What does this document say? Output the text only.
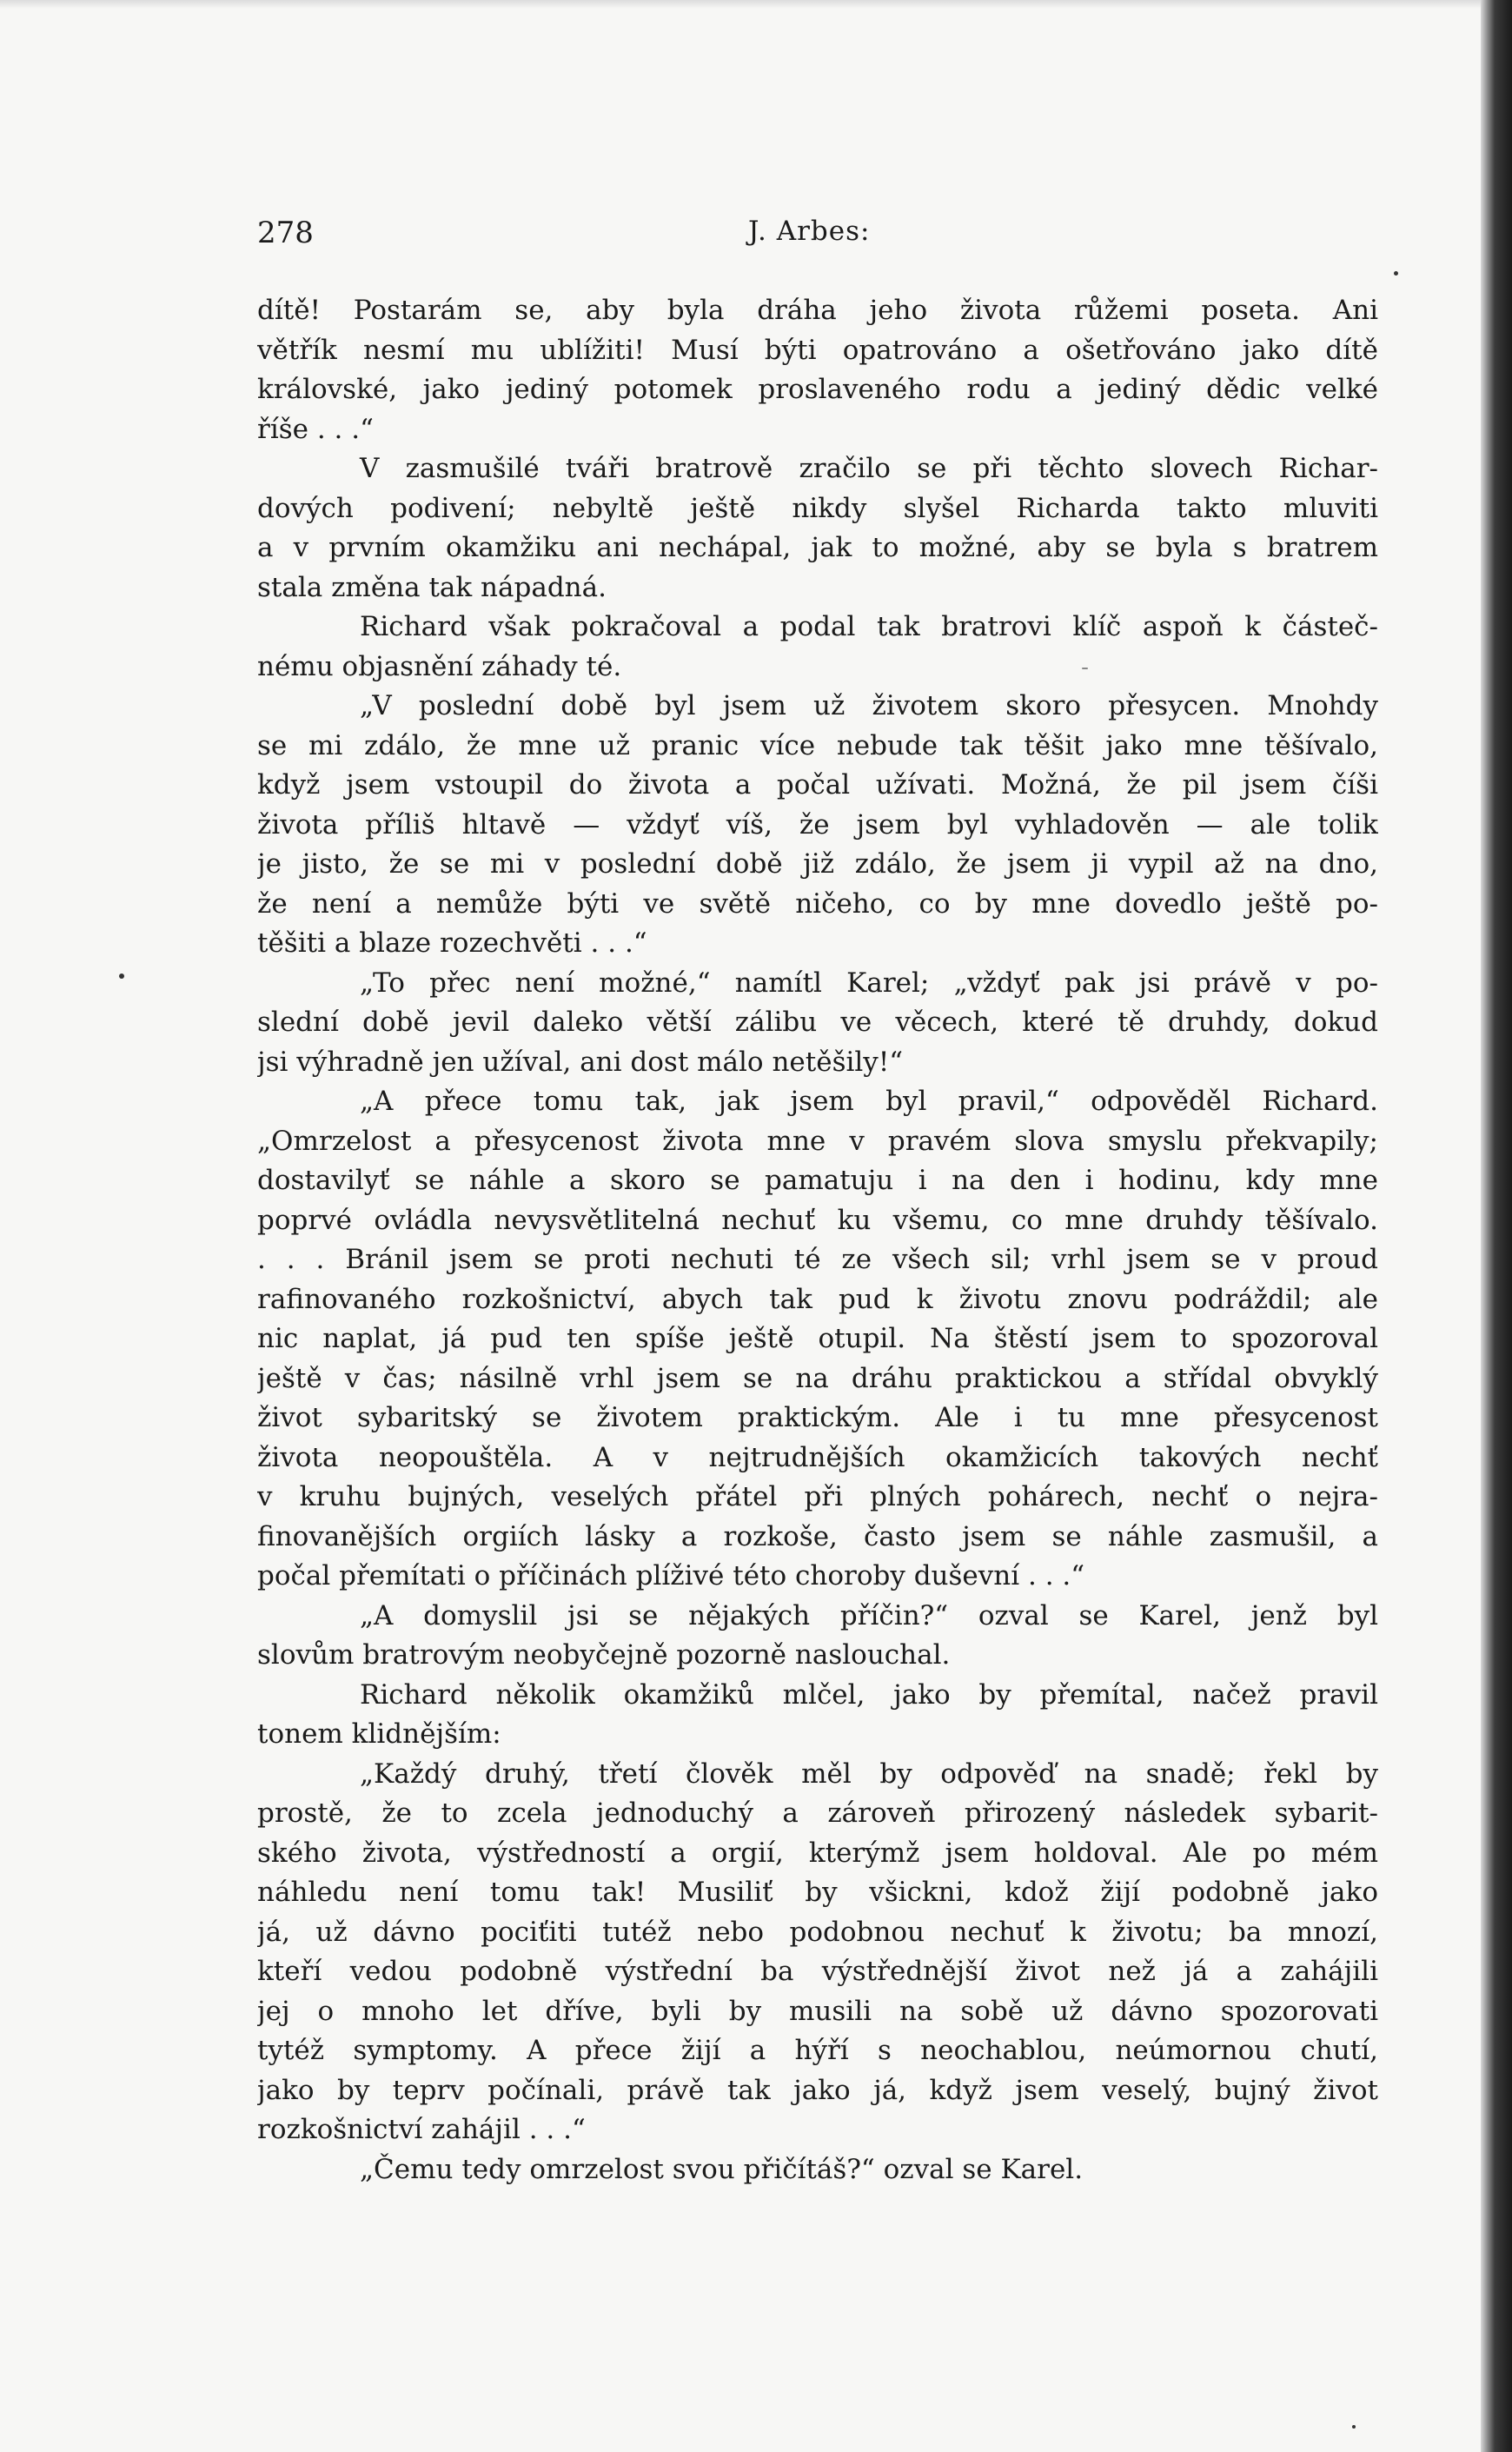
278	J. Arbes:
dítě! Postarám se, aby byla dráha jeho života růžemi poseta. Ani
větřík nesmí mu ublížiti! Musí býti opatrováno a ošetřováno jako dítě
královské, jako jediný potomek proslaveného rodu a jediný dědic velké
říše . . .“
V zasmušilé tváři bratrově zračilo se při těchto slovech Richar-
dových podivení; nebyltě ještě nikdy slyšel Richarda takto mluviti
a v prvním okamžiku ani nechápal, jak to možné, aby se byla s bratrem
stala změna tak nápadná.
Richard však pokračoval a podal tak bratrovi klíč aspoň k částeč-
nému objasnění záhady té.
„V poslední době byl jsem už životem skoro přesycen. Mnohdy
se mi zdálo, že mne už pranic více nebude tak těšit jako mne těšívalo,
když jsem vstoupil do života a počal užívati. Možná, že pil jsem číši
života příliš hltavě — vždyť víš, že jsem byl vyhladověn — ale tolik
je jisto, že se mi v poslední době již zdálo, že jsem ji vypil až na dno,
že není a nemůže býti ve světě ničeho, co by mne dovedlo ještě po-
těšiti a blaze rozechvěti . . .“
„To přec není možné,“ namítl Karel; „vždyť pak jsi právě v po-
slední době jevil daleko větší zálibu ve věcech, které tě druhdy, dokud
jsi výhradně jen užíval, ani dost málo netěšily!“
„A přece tomu tak, jak jsem byl pravil,“ odpověděl Richard.
„Omrzelost a přesycenost života mne v pravém slova smyslu překvapily;
dostavilyť se náhle a skoro se pamatuju i na den i hodinu, kdy mne
poprvé ovládla nevysvětlitelná nechuť ku všemu, co mne druhdy těšívalo.
. . . Bránil jsem se proti nechuti té ze všech sil; vrhl jsem se v proud
rafinovaného rozkošnictví, abych tak pud k životu znovu podráždil; ale
nic naplat, já pud ten spíše ještě otupil. Na štěstí jsem to spozoroval
ještě v čas; násilně vrhl jsem se na dráhu praktickou a střídal obvyklý
život sybaritský se životem praktickým. Ale i tu mne přesycenost
života neopouštěla. A v nejtrudnějších okamžicích takových nechť
v kruhu bujných, veselých přátel při plných pohárech, nechť o nejra-
finovanějších orgiích lásky a rozkoše, často jsem se náhle zasmušil, a
počal přemítati o příčinách plíživé této choroby duševní . . .“
„A domyslil jsi se nějakých příčin?“ ozval se Karel, jenž byl
slovům bratrovým neobyčejně pozorně naslouchal.
Richard několik okamžiků mlčel, jako by přemítal, načež pravil
tonem klidnějším:
„Každý druhý, třetí člověk měl by odpověď na snadě; řekl by
prostě, že to zcela jednoduchý a zároveň přirozený následek sybarit-
ského života, výstředností a orgií, kterýmž jsem holdoval. Ale po mém
náhledu není tomu tak! Musiliť by všickni, kdož žijí podobně jako
já, už dávno pociťiti tutéž nebo podobnou nechuť k životu; ba mnozí,
kteří vedou podobně výstřední ba výstřednější život než já a zahájili
jej o mnoho let dříve, byli by musili na sobě už dávno spozorovati
tytéž symptomy. A přece žijí a hýří s neochablou, neúmornou chutí,
jako by teprv počínali, právě tak jako já, když jsem veselý, bujný život
rozkošnictví zahájil . . .“
„Čemu tedy omrzelost svou přičítáš?“ ozval se Karel.
